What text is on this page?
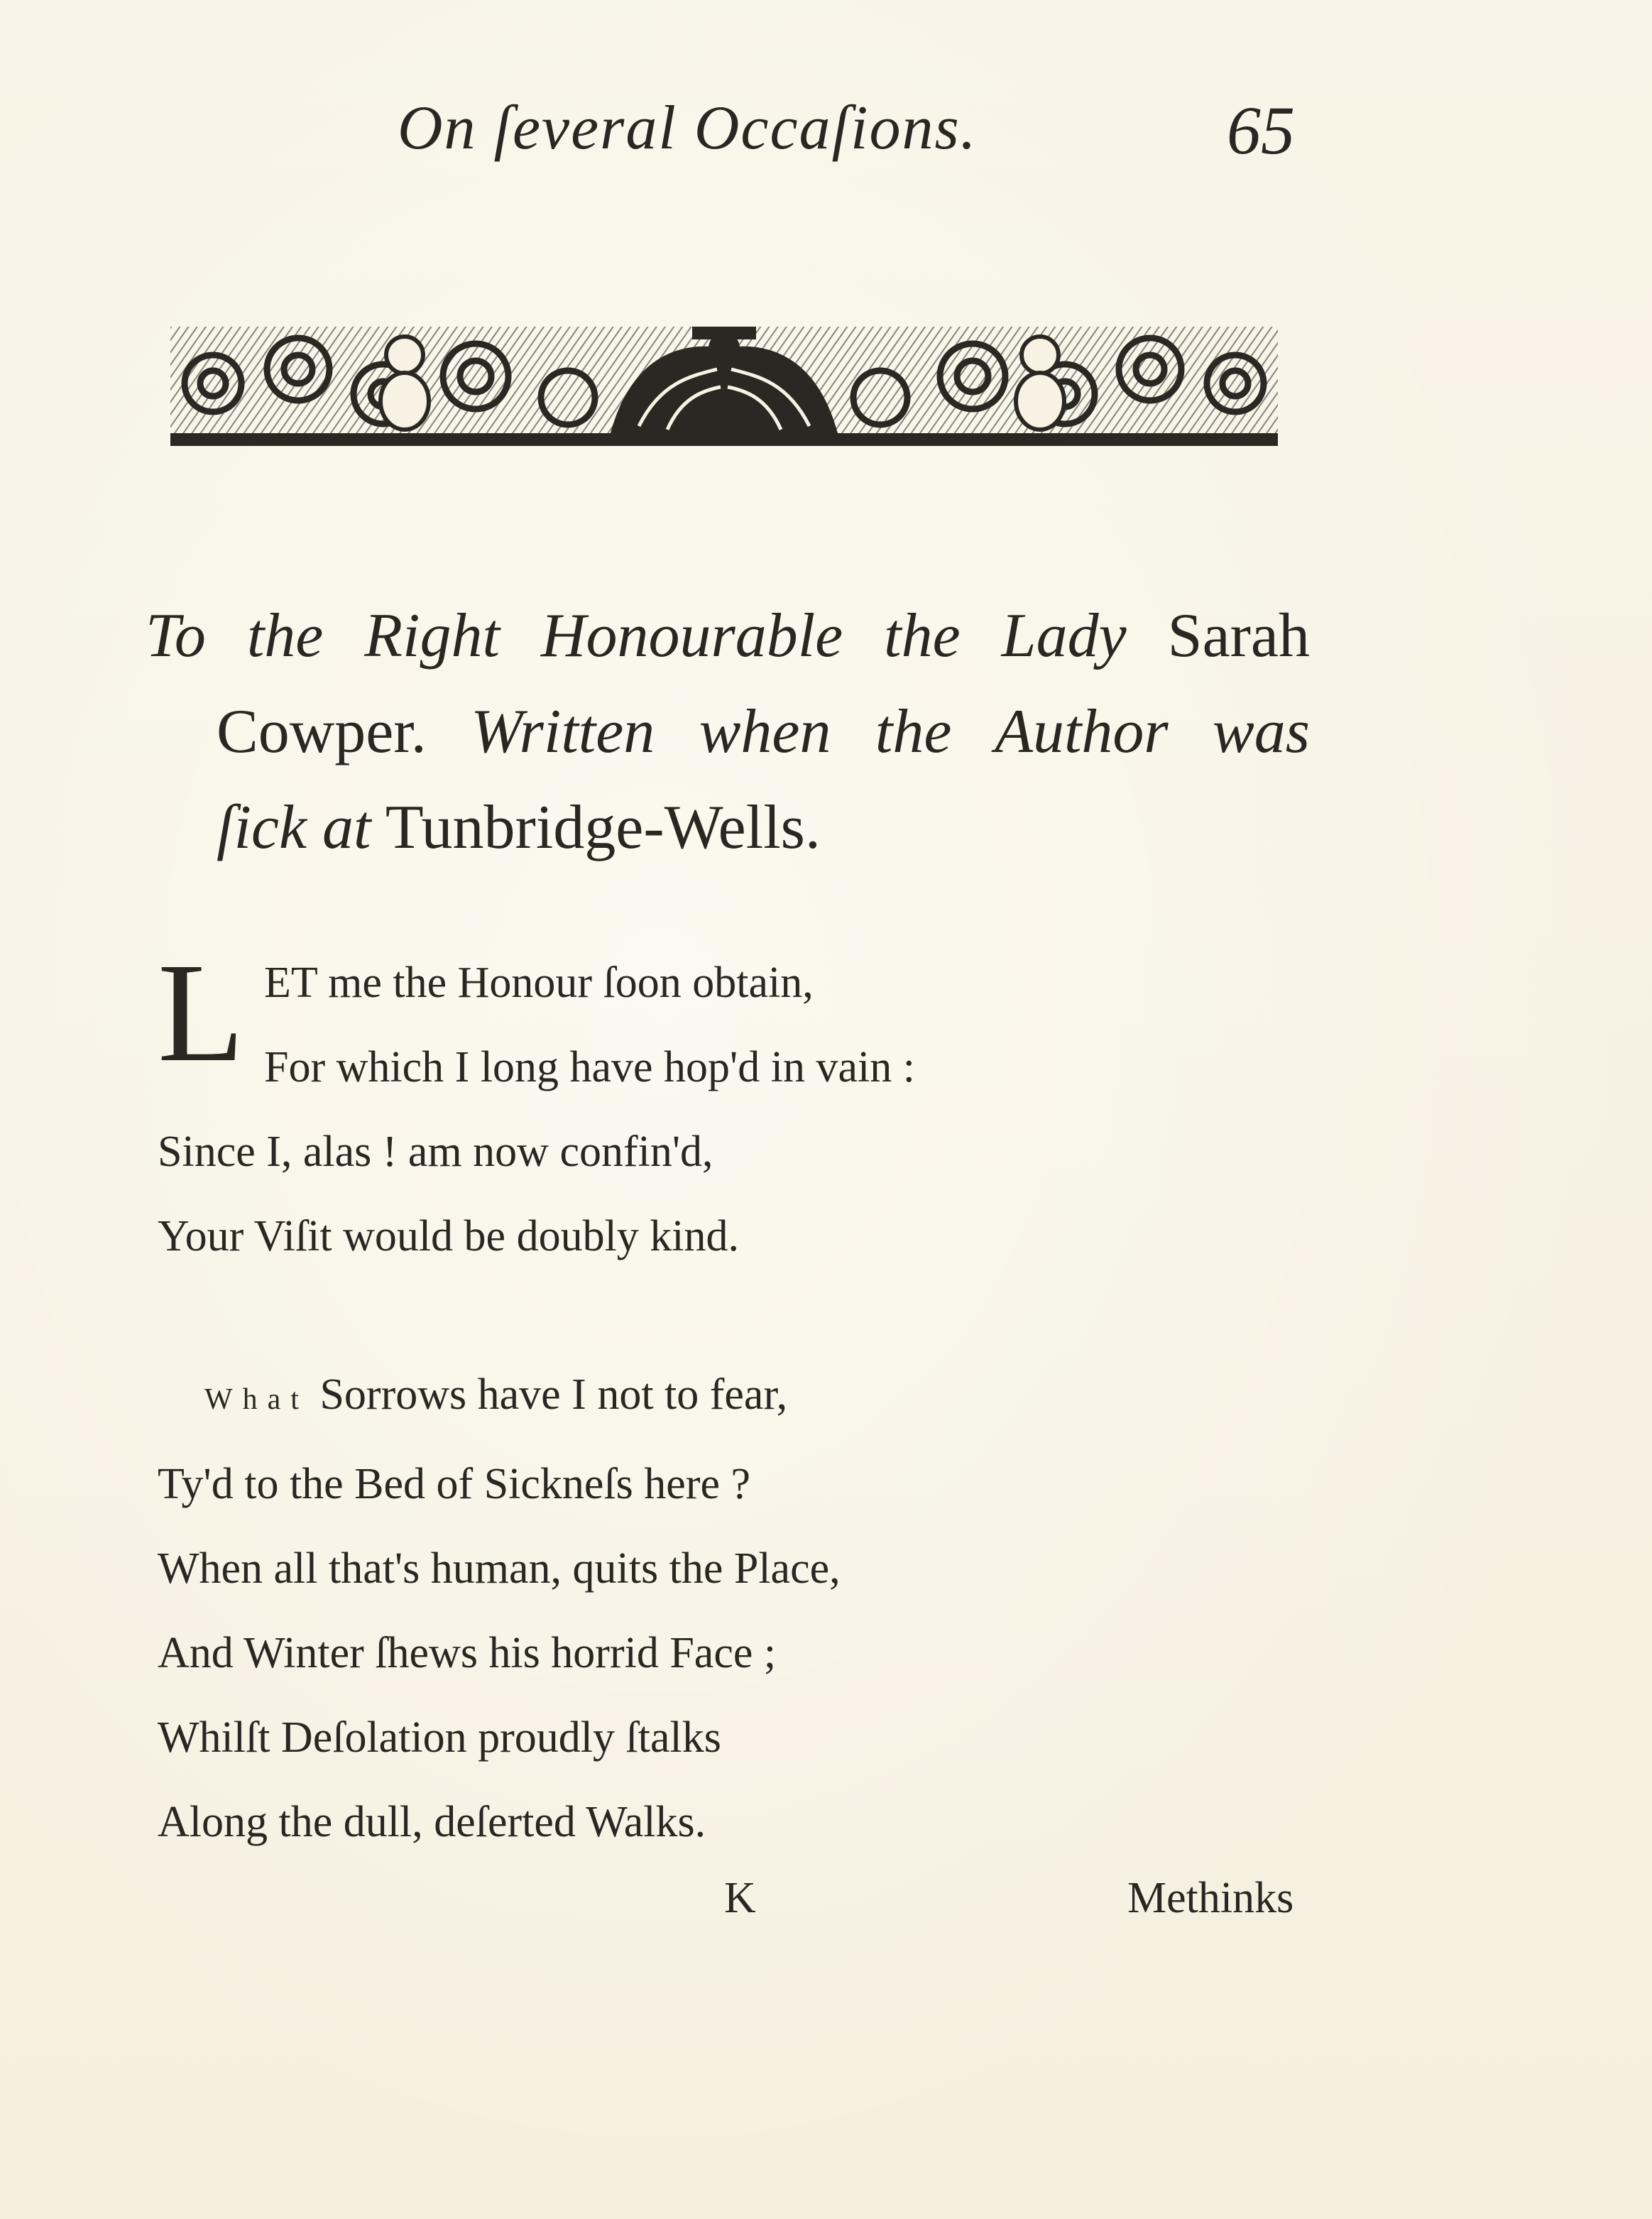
On ſeveral Occaſions.	65
To the Right Honourable the Lady Sarah
Cowper. Written when the Author was
ſick at Tunbridge-Wells.
L ET me the Honour ſoon obtain,
For which I long have hop'd in vain :
Since I, alas ! am now confin'd,
Your Viſit would be doubly kind.
What Sorrows have I not to fear,
Ty'd to the Bed of Sickneſs here ?
When all that's human, quits the Place,
And Winter ſhews his horrid Face ;
Whilſt Deſolation proudly ſtalks
Along the dull, deſerted Walks.
K	Methinks
